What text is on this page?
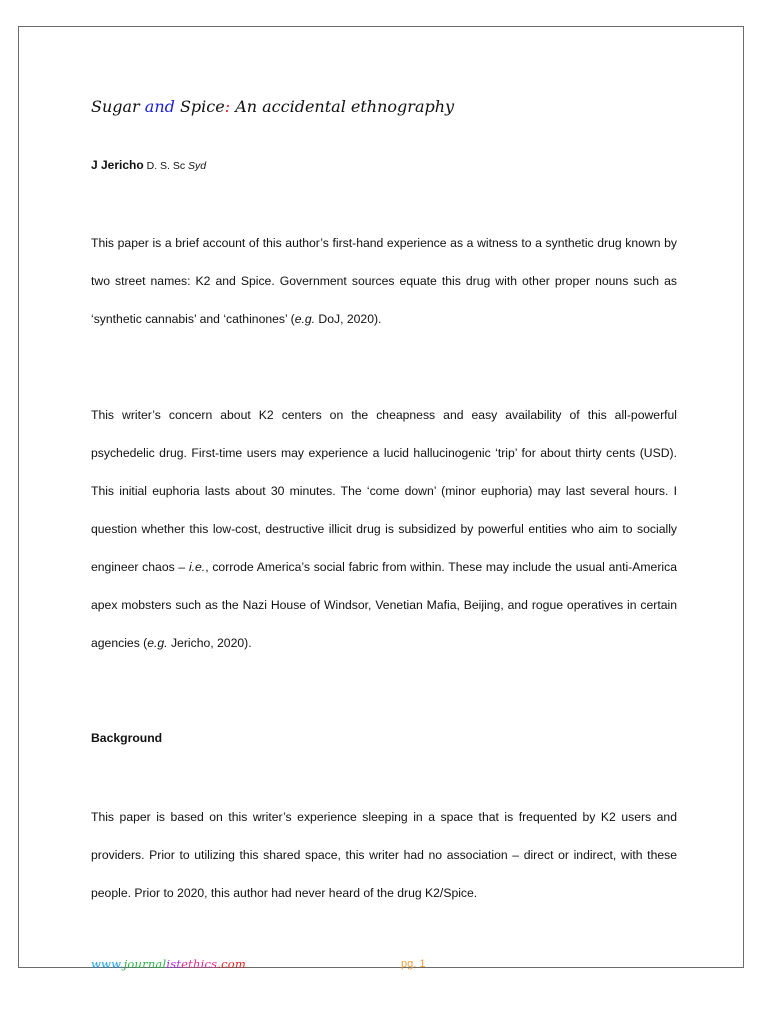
Sugar and Spice: An accidental ethnography
J Jericho D. S. Sc Syd

This paper is a brief account of this author’s first-hand experience as a witness to a synthetic drug known by two street names: K2 and Spice. Government sources equate this drug with other proper nouns such as ‘synthetic cannabis’ and ‘cathinones’ (e.g. DoJ, 2020).

This writer’s concern about K2 centers on the cheapness and easy availability of this all-powerful psychedelic drug. First-time users may experience a lucid hallucinogenic ‘trip’ for about thirty cents (USD). This initial euphoria lasts about 30 minutes. The ‘come down’ (minor euphoria) may last several hours. I question whether this low-cost, destructive illicit drug is subsidized by powerful entities who aim to socially engineer chaos – i.e., corrode America’s social fabric from within. These may include the usual anti-America apex mobsters such as the Nazi House of Windsor, Venetian Mafia, Beijing, and rogue operatives in certain agencies (e.g. Jericho, 2020).

Background

This paper is based on this writer’s experience sleeping in a space that is frequented by K2 users and providers. Prior to utilizing this shared space, this writer had no association – direct or indirect, with these people. Prior to 2020, this author had never heard of the drug K2/Spice.

www.journalistethics.com	pg. 1
